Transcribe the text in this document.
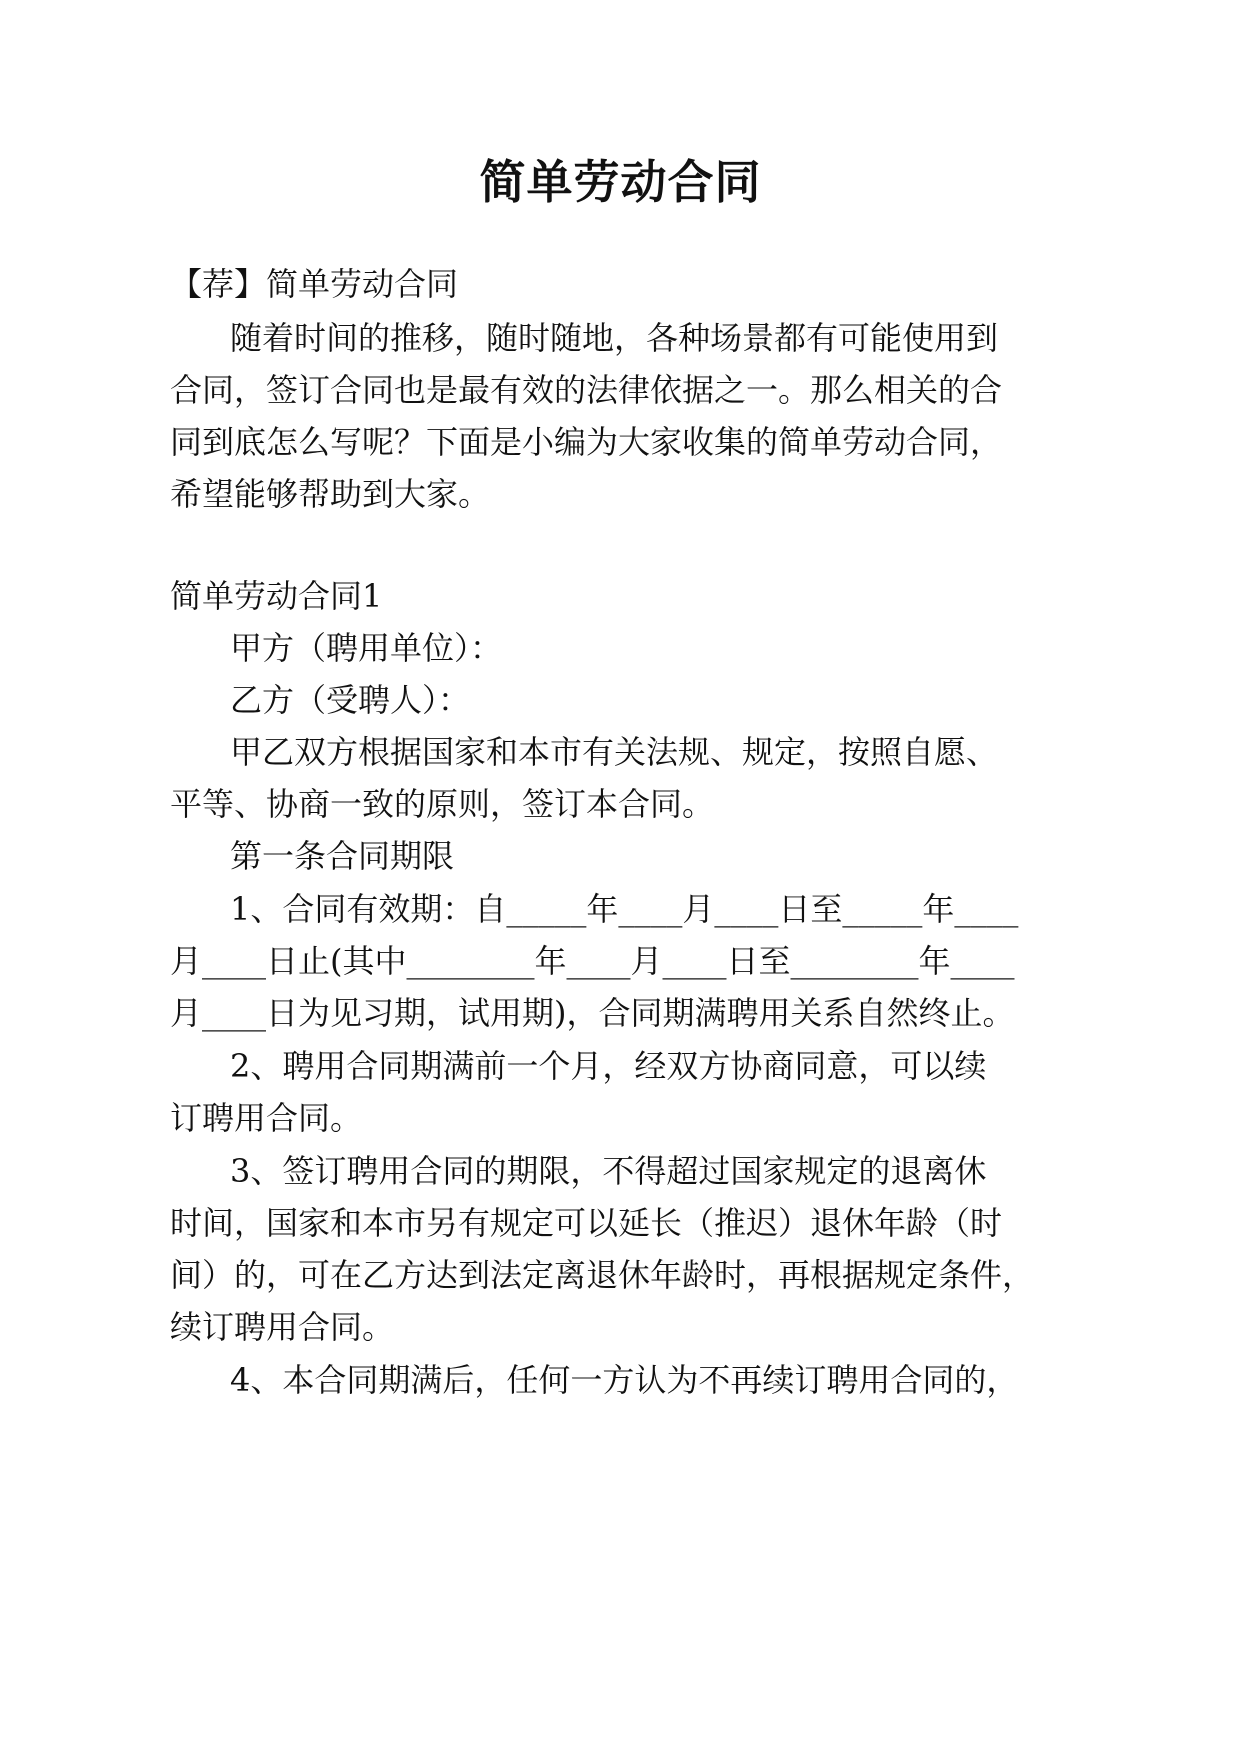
简单劳动合同

【荐】简单劳动合同

随着时间的推移，随时随地，各种场景都有可能使用到

合同，签订合同也是最有效的法律依据之一。那么相关的合

同到底怎么写呢？下面是小编为大家收集的简单劳动合同，

希望能够帮助到大家。

简单劳动合同1

甲方（聘用单位）：

乙方（受聘人）：

甲乙双方根据国家和本市有关法规、规定，按照自愿、

平等、协商一致的原则，签订本合同。

第一条合同期限

1、合同有效期：自_____年____月____日至_____年____

月____日止(其中________年____月____日至________年____

月____日为见习期，试用期)，合同期满聘用关系自然终止。

2、聘用合同期满前一个月，经双方协商同意，可以续

订聘用合同。

3、签订聘用合同的期限，不得超过国家规定的退离休

时间，国家和本市另有规定可以延长（推迟）退休年龄（时

间）的，可在乙方达到法定离退休年龄时，再根据规定条件，

续订聘用合同。

4、本合同期满后，任何一方认为不再续订聘用合同的，
